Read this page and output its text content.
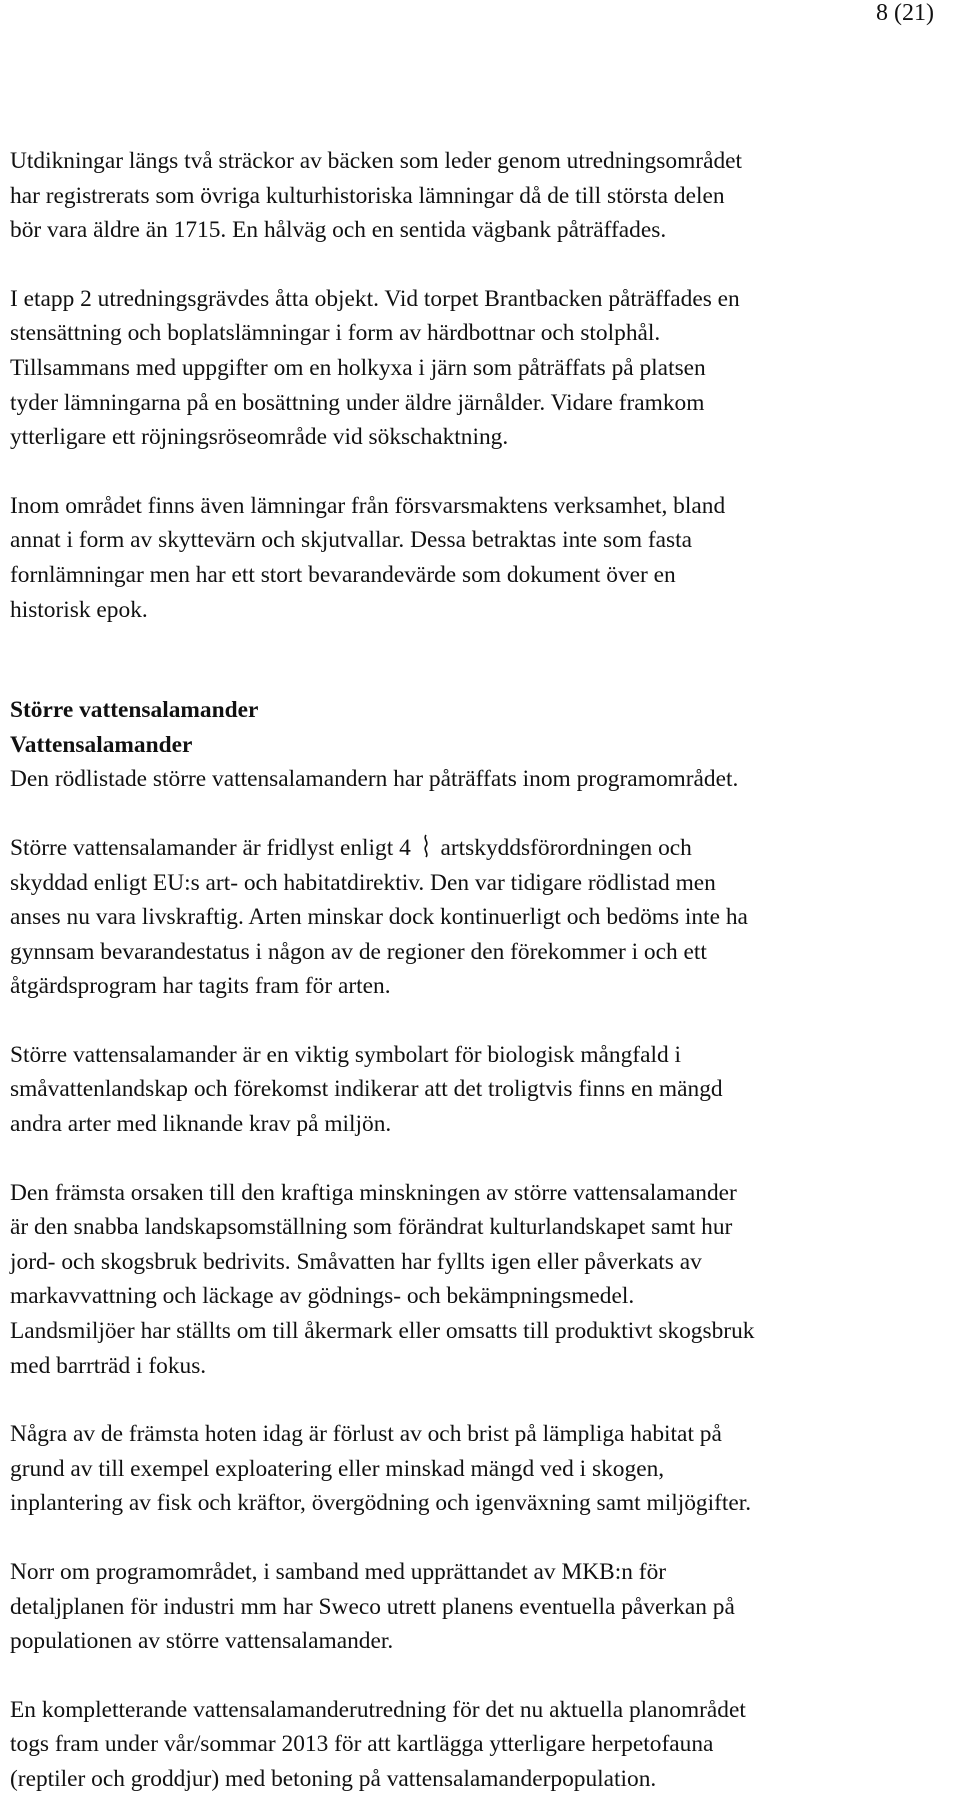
8 (21)

Utdikningar längs två sträckor av bäcken som leder genom utredningsområdet
har registrerats som övriga kulturhistoriska lämningar då de till största delen
bör vara äldre än 1715. En hålväg och en sentida vägbank påträffades.

I etapp 2 utredningsgrävdes åtta objekt. Vid torpet Brantbacken påträffades en
stensättning och boplatslämningar i form av härdbottnar och stolphål.
Tillsammans med uppgifter om en holkyxa i järn som påträffats på platsen
tyder lämningarna på en bosättning under äldre järnålder. Vidare framkom
ytterligare ett röjningsröseområde vid sökschaktning.

Inom området finns även lämningar från försvarsmaktens verksamhet, bland
annat i form av skyttevärn och skjutvallar. Dessa betraktas inte som fasta
fornlämningar men har ett stort bevarandevärde som dokument över en
historisk epok.

Större vattensalamander
Vattensalamander
Den rödlistade större vattensalamandern har påträffats inom programområdet.

Större vattensalamander är fridlyst enligt 4 artskyddsförordningen och
skyddad enligt EU:s art- och habitatdirektiv. Den var tidigare rödlistad men
anses nu vara livskraftig. Arten minskar dock kontinuerligt och bedöms inte ha
gynnsam bevarandestatus i någon av de regioner den förekommer i och ett
åtgärdsprogram har tagits fram för arten.

Större vattensalamander är en viktig symbolart för biologisk mångfald i
småvattenlandskap och förekomst indikerar att det troligtvis finns en mängd
andra arter med liknande krav på miljön.

Den främsta orsaken till den kraftiga minskningen av större vattensalamander
är den snabba landskapsomställning som förändrat kulturlandskapet samt hur
jord- och skogsbruk bedrivits. Småvatten har fyllts igen eller påverkats av
markavvattning och läckage av gödnings- och bekämpningsmedel.
Landsmiljöer har ställts om till åkermark eller omsatts till produktivt skogsbruk
med barrträd i fokus.

Några av de främsta hoten idag är förlust av och brist på lämpliga habitat på
grund av till exempel exploatering eller minskad mängd ved i skogen,
inplantering av fisk och kräftor, övergödning och igenväxning samt miljögifter.

Norr om programområdet, i samband med upprättandet av MKB:n för
detaljplanen för industri mm har Sweco utrett planens eventuella påverkan på
populationen av större vattensalamander.

En kompletterande vattensalamanderutredning för det nu aktuella planområdet
togs fram under vår/sommar 2013 för att kartlägga ytterligare herpetofauna
(reptiler och groddjur) med betoning på vattensalamanderpopulation.
